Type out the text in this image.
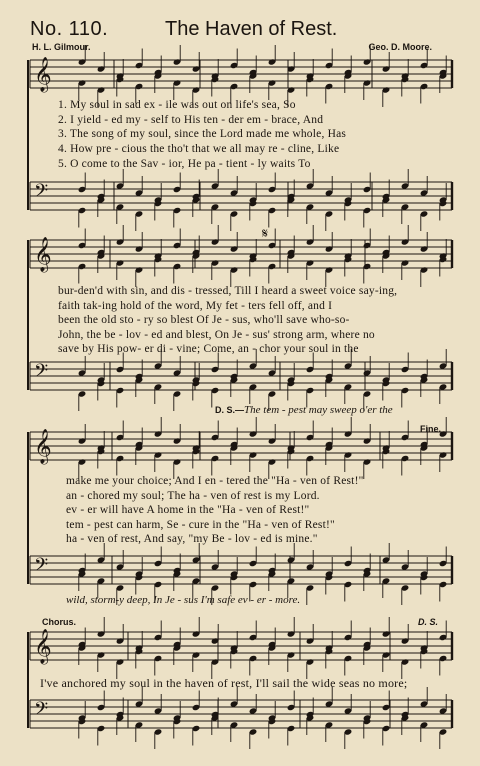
No. 110.	The Haven of Rest.
H. L. Gilmour.	Geo. D. Moore.
𝄞
𝄢
𝄞
𝄢
𝄞
𝄢
𝄞
𝄢
𝄋
1. My soul in sad ex - ile was out on life's sea, So
2. I yield - ed my - self to His ten - der em - brace, And
3. The song of my soul, since the Lord made me whole, Has
4. How pre - cious the tho't that we all may re - cline, Like
5. O come to the Sav - ior, He pa - tient - ly waits To
bur-den'd with sin, and dis - tressed, Till I heard a sweet voice say-ing,
faith tak-ing hold of the word, My fet - ters fell off, and I
been the old sto - ry so blest Of Je - sus, who'll save who-so-
John, the be - lov - ed and blest, On Je - sus' strong arm, where no
save by His pow- er di - vine; Come, an - chor your soul in the
D. S.—The tem - pest may sweep o'er the
Fine.
make me your choice; And I en - tered the "Ha - ven of Rest!"
an - chored my soul; The ha - ven of rest is my Lord.
ev - er will have A home in the "Ha - ven of Rest!"
tem - pest can harm, Se - cure in the "Ha - ven of Rest!"
ha - ven of rest, And say, "my Be - lov - ed is mine."
wild, storm-y deep, In Je - sus I'm safe ev - er - more.
Chorus.	D. S.
I've anchored my soul in the haven of rest, I'll sail the wide seas no more;
